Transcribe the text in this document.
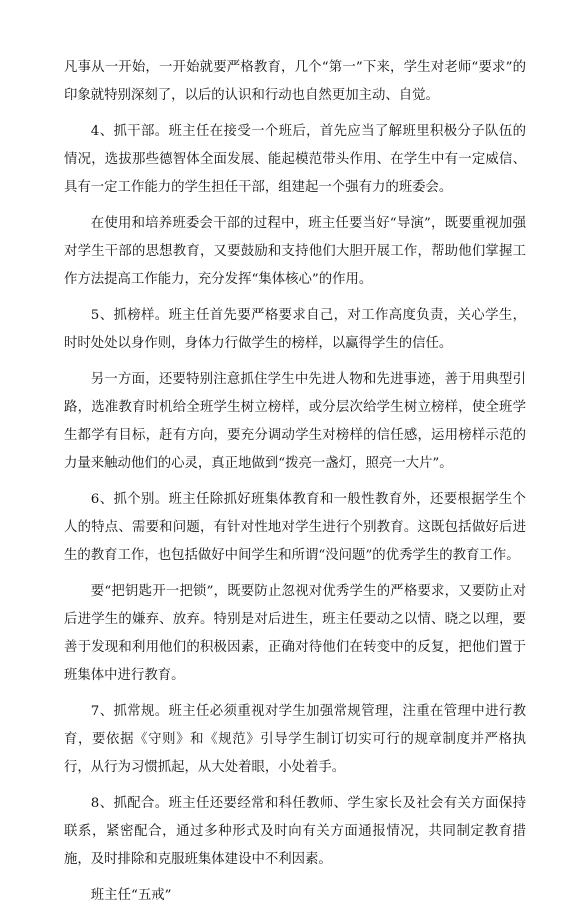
凡事从一开始，一开始就要严格教育，几个“第一”下来，学生对老师“要求”的印象就特别深刻了，以后的认识和行动也自然更加主动、自觉。

4、抓干部。班主任在接受一个班后，首先应当了解班里积极分子队伍的情况，选拔那些德智体全面发展、能起模范带头作用、在学生中有一定威信、具有一定工作能力的学生担任干部，组建起一个强有力的班委会。

在使用和培养班委会干部的过程中，班主任要当好“导演”，既要重视加强对学生干部的思想教育，又要鼓励和支持他们大胆开展工作，帮助他们掌握工作方法提高工作能力，充分发挥“集体核心”的作用。

5、抓榜样。班主任首先要严格要求自己，对工作高度负责，关心学生，时时处处以身作则，身体力行做学生的榜样，以赢得学生的信任。

另一方面，还要特别注意抓住学生中先进人物和先进事迹，善于用典型引路，选准教育时机给全班学生树立榜样，或分层次给学生树立榜样，使全班学生都学有目标，赶有方向，要充分调动学生对榜样的信任感，运用榜样示范的力量来触动他们的心灵，真正地做到“拨亮一盏灯，照亮一大片”。

6、抓个别。班主任除抓好班集体教育和一般性教育外，还要根据学生个人的特点、需要和问题，有针对性地对学生进行个别教育。这既包括做好后进生的教育工作，也包括做好中间学生和所谓“没问题”的优秀学生的教育工作。

要“把钥匙开一把锁”，既要防止忽视对优秀学生的严格要求，又要防止对后进学生的嫌弃、放弃。特别是对后进生，班主任要动之以情、晓之以理，要善于发现和利用他们的积极因素，正确对待他们在转变中的反复，把他们置于班集体中进行教育。

7、抓常规。班主任必须重视对学生加强常规管理，注重在管理中进行教育，要依据《守则》和《规范》引导学生制订切实可行的规章制度并严格执行，从行为习惯抓起，从大处着眼，小处着手。

8、抓配合。班主任还要经常和科任教师、学生家长及社会有关方面保持联系，紧密配合，通过多种形式及时向有关方面通报情况，共同制定教育措施，及时排除和克服班集体建设中不利因素。

班主任“五戒”
